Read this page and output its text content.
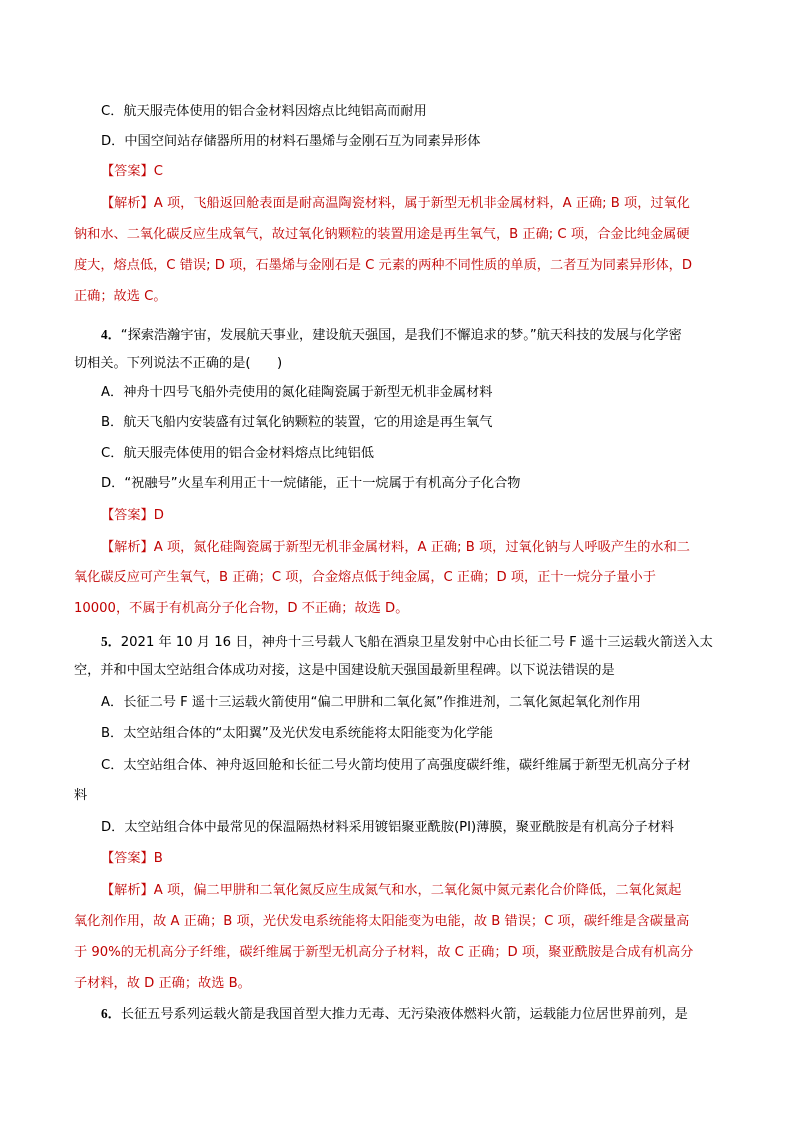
C．航天服壳体使用的铝合金材料因熔点比纯铝高而耐用
D．中国空间站存储器所用的材料石墨烯与金刚石互为同素异形体
【答案】C
【解析】A 项，飞船返回舱表面是耐高温陶瓷材料，属于新型无机非金属材料，A 正确; B 项，过氧化
钠和水、二氧化碳反应生成氧气，故过氧化钠颗粒的装置用途是再生氧气，B 正确; C 项，合金比纯金属硬
度大，熔点低，C 错误; D 项，石墨烯与金刚石是 C 元素的两种不同性质的单质，二者互为同素异形体，D
正确；故选 C。
4．“探索浩瀚宇宙，发展航天事业，建设航天强国，是我们不懈追求的梦。”航天科技的发展与化学密
切相关。下列说法不正确的是(　　)
A．神舟十四号飞船外壳使用的氮化硅陶瓷属于新型无机非金属材料
B．航天飞船内安装盛有过氧化钠颗粒的装置，它的用途是再生氧气
C．航天服壳体使用的铝合金材料熔点比纯铝低
D．“祝融号”火星车利用正十一烷储能，正十一烷属于有机高分子化合物
【答案】D
【解析】A 项，氮化硅陶瓷属于新型无机非金属材料，A 正确; B 项，过氧化钠与人呼吸产生的水和二
氧化碳反应可产生氧气，B 正确；C 项，合金熔点低于纯金属，C 正确；D 项，正十一烷分子量小于
10000，不属于有机高分子化合物，D 不正确；故选 D。
5．2021 年 10 月 16 日，神舟十三号载人飞船在酒泉卫星发射中心由长征二号 F 遥十三运载火箭送入太
空，并和中国太空站组合体成功对接，这是中国建设航天强国最新里程碑。以下说法错误的是
A．长征二号 F 遥十三运载火箭使用“偏二甲肼和二氧化氮”作推进剂，二氧化氮起氧化剂作用
B．太空站组合体的“太阳翼”及光伏发电系统能将太阳能变为化学能
C．太空站组合体、神舟返回舱和长征二号火箭均使用了高强度碳纤维，碳纤维属于新型无机高分子材
料
D．太空站组合体中最常见的保温隔热材料采用镀铝聚亚酰胺(PI)薄膜，聚亚酰胺是有机高分子材料
【答案】B
【解析】A 项，偏二甲肼和二氧化氮反应生成氮气和水，二氧化氮中氮元素化合价降低，二氧化氮起
氧化剂作用，故 A 正确；B 项，光伏发电系统能将太阳能变为电能，故 B 错误；C 项，碳纤维是含碳量高
于 90%的无机高分子纤维，碳纤维属于新型无机高分子材料，故 C 正确；D 项，聚亚酰胺是合成有机高分
子材料，故 D 正确；故选 B。
6．长征五号系列运载火箭是我国首型大推力无毒、无污染液体燃料火箭，运载能力位居世界前列，是
